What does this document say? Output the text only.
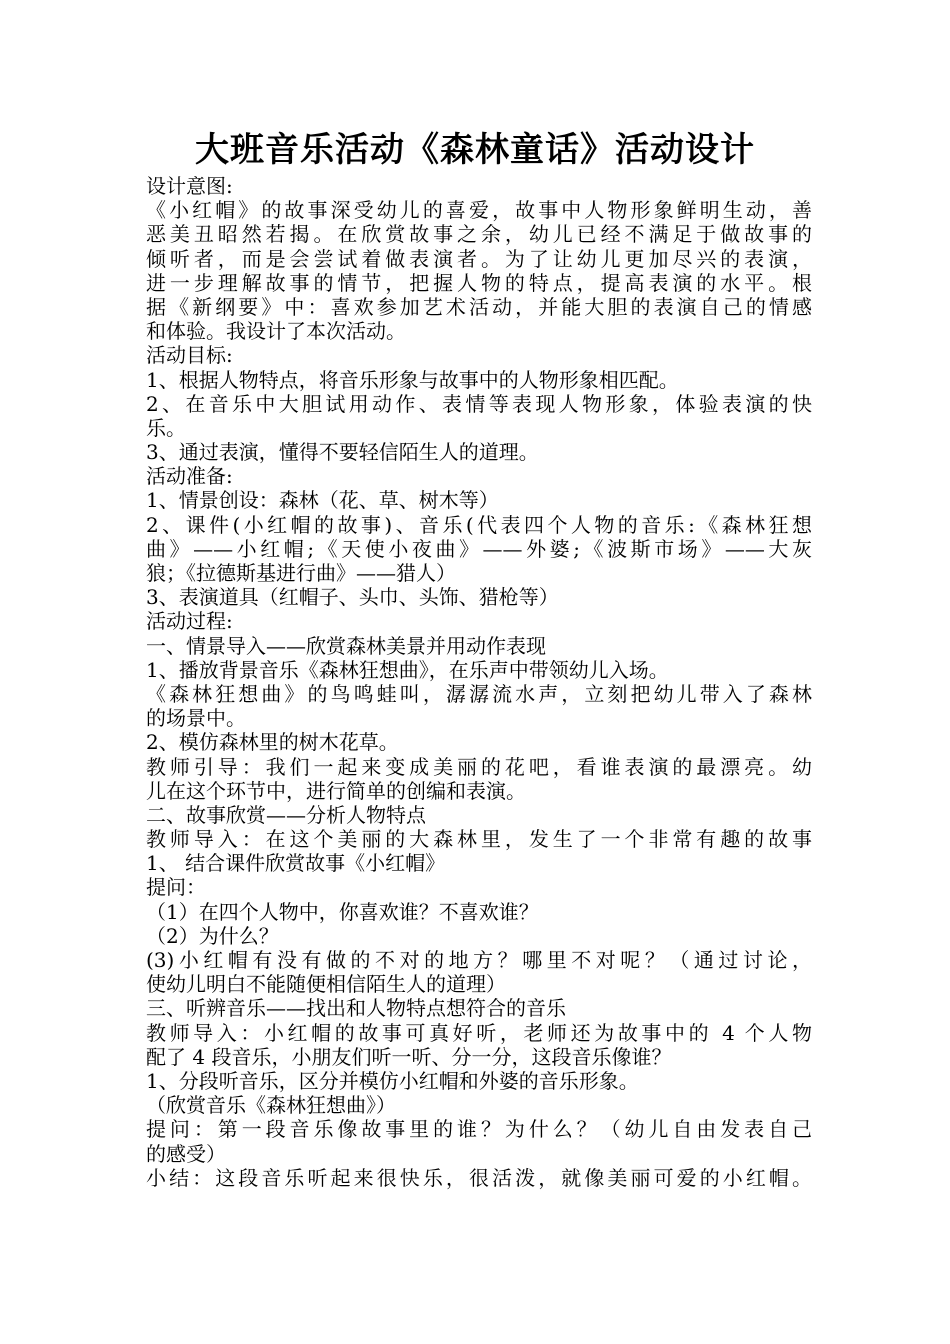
大班音乐活动《森林童话》活动设计
设计意图:
《小红帽》的故事深受幼儿的喜爱，故事中人物形象鲜明生动，善
恶美丑昭然若揭。在欣赏故事之余，幼儿已经不满足于做故事的
倾听者，而是会尝试着做表演者。为了让幼儿更加尽兴的表演，
进一步理解故事的情节，把握人物的特点，提高表演的水平。根
据《新纲要》中：喜欢参加艺术活动，并能大胆的表演自己的情感
和体验。我设计了本次活动。
活动目标:
1、根据人物特点，将音乐形象与故事中的人物形象相匹配。
2、在音乐中大胆试用动作、表情等表现人物形象，体验表演的快
乐。
3、通过表演，懂得不要轻信陌生人的道理。
活动准备:
1、情景创设：森林（花、草、树木等）
2、课件(小红帽的故事)、音乐(代表四个人物的音乐:《森林狂想
曲》——小红帽;《天使小夜曲》——外婆;《波斯市场》——大灰
狼；《拉德斯基进行曲》——猎人）
3、表演道具（红帽子、头巾、头饰、猎枪等）
活动过程:
一、情景导入——欣赏森林美景并用动作表现
1、播放背景音乐《森林狂想曲》，在乐声中带领幼儿入场。
《森林狂想曲》的鸟鸣蛙叫，潺潺流水声，立刻把幼儿带入了森林
的场景中。
2、模仿森林里的树木花草。
教师引导：我们一起来变成美丽的花吧，看谁表演的最漂亮。幼
儿在这个环节中，进行简单的创编和表演。
二、故事欣赏——分析人物特点
教师导入：在这个美丽的大森林里，发生了一个非常有趣的故事
1、 结合课件欣赏故事《小红帽》
提问：
（1）在四个人物中，你喜欢谁？不喜欢谁？
（2）为什么？
(3)小红帽有没有做的不对的地方？哪里不对呢？（通过讨论，
使幼儿明白不能随便相信陌生人的道理）
三、听辨音乐——找出和人物特点想符合的音乐
教师导入：小红帽的故事可真好听，老师还为故事中的 4 个人物
配了 4 段音乐，小朋友们听一听、分一分，这段音乐像谁？
1、分段听音乐，区分并模仿小红帽和外婆的音乐形象。
（欣赏音乐《森林狂想曲》）
提问：第一段音乐像故事里的谁？为什么？（幼儿自由发表自己
的感受）
小结：这段音乐听起来很快乐，很活泼，就像美丽可爱的小红帽。
